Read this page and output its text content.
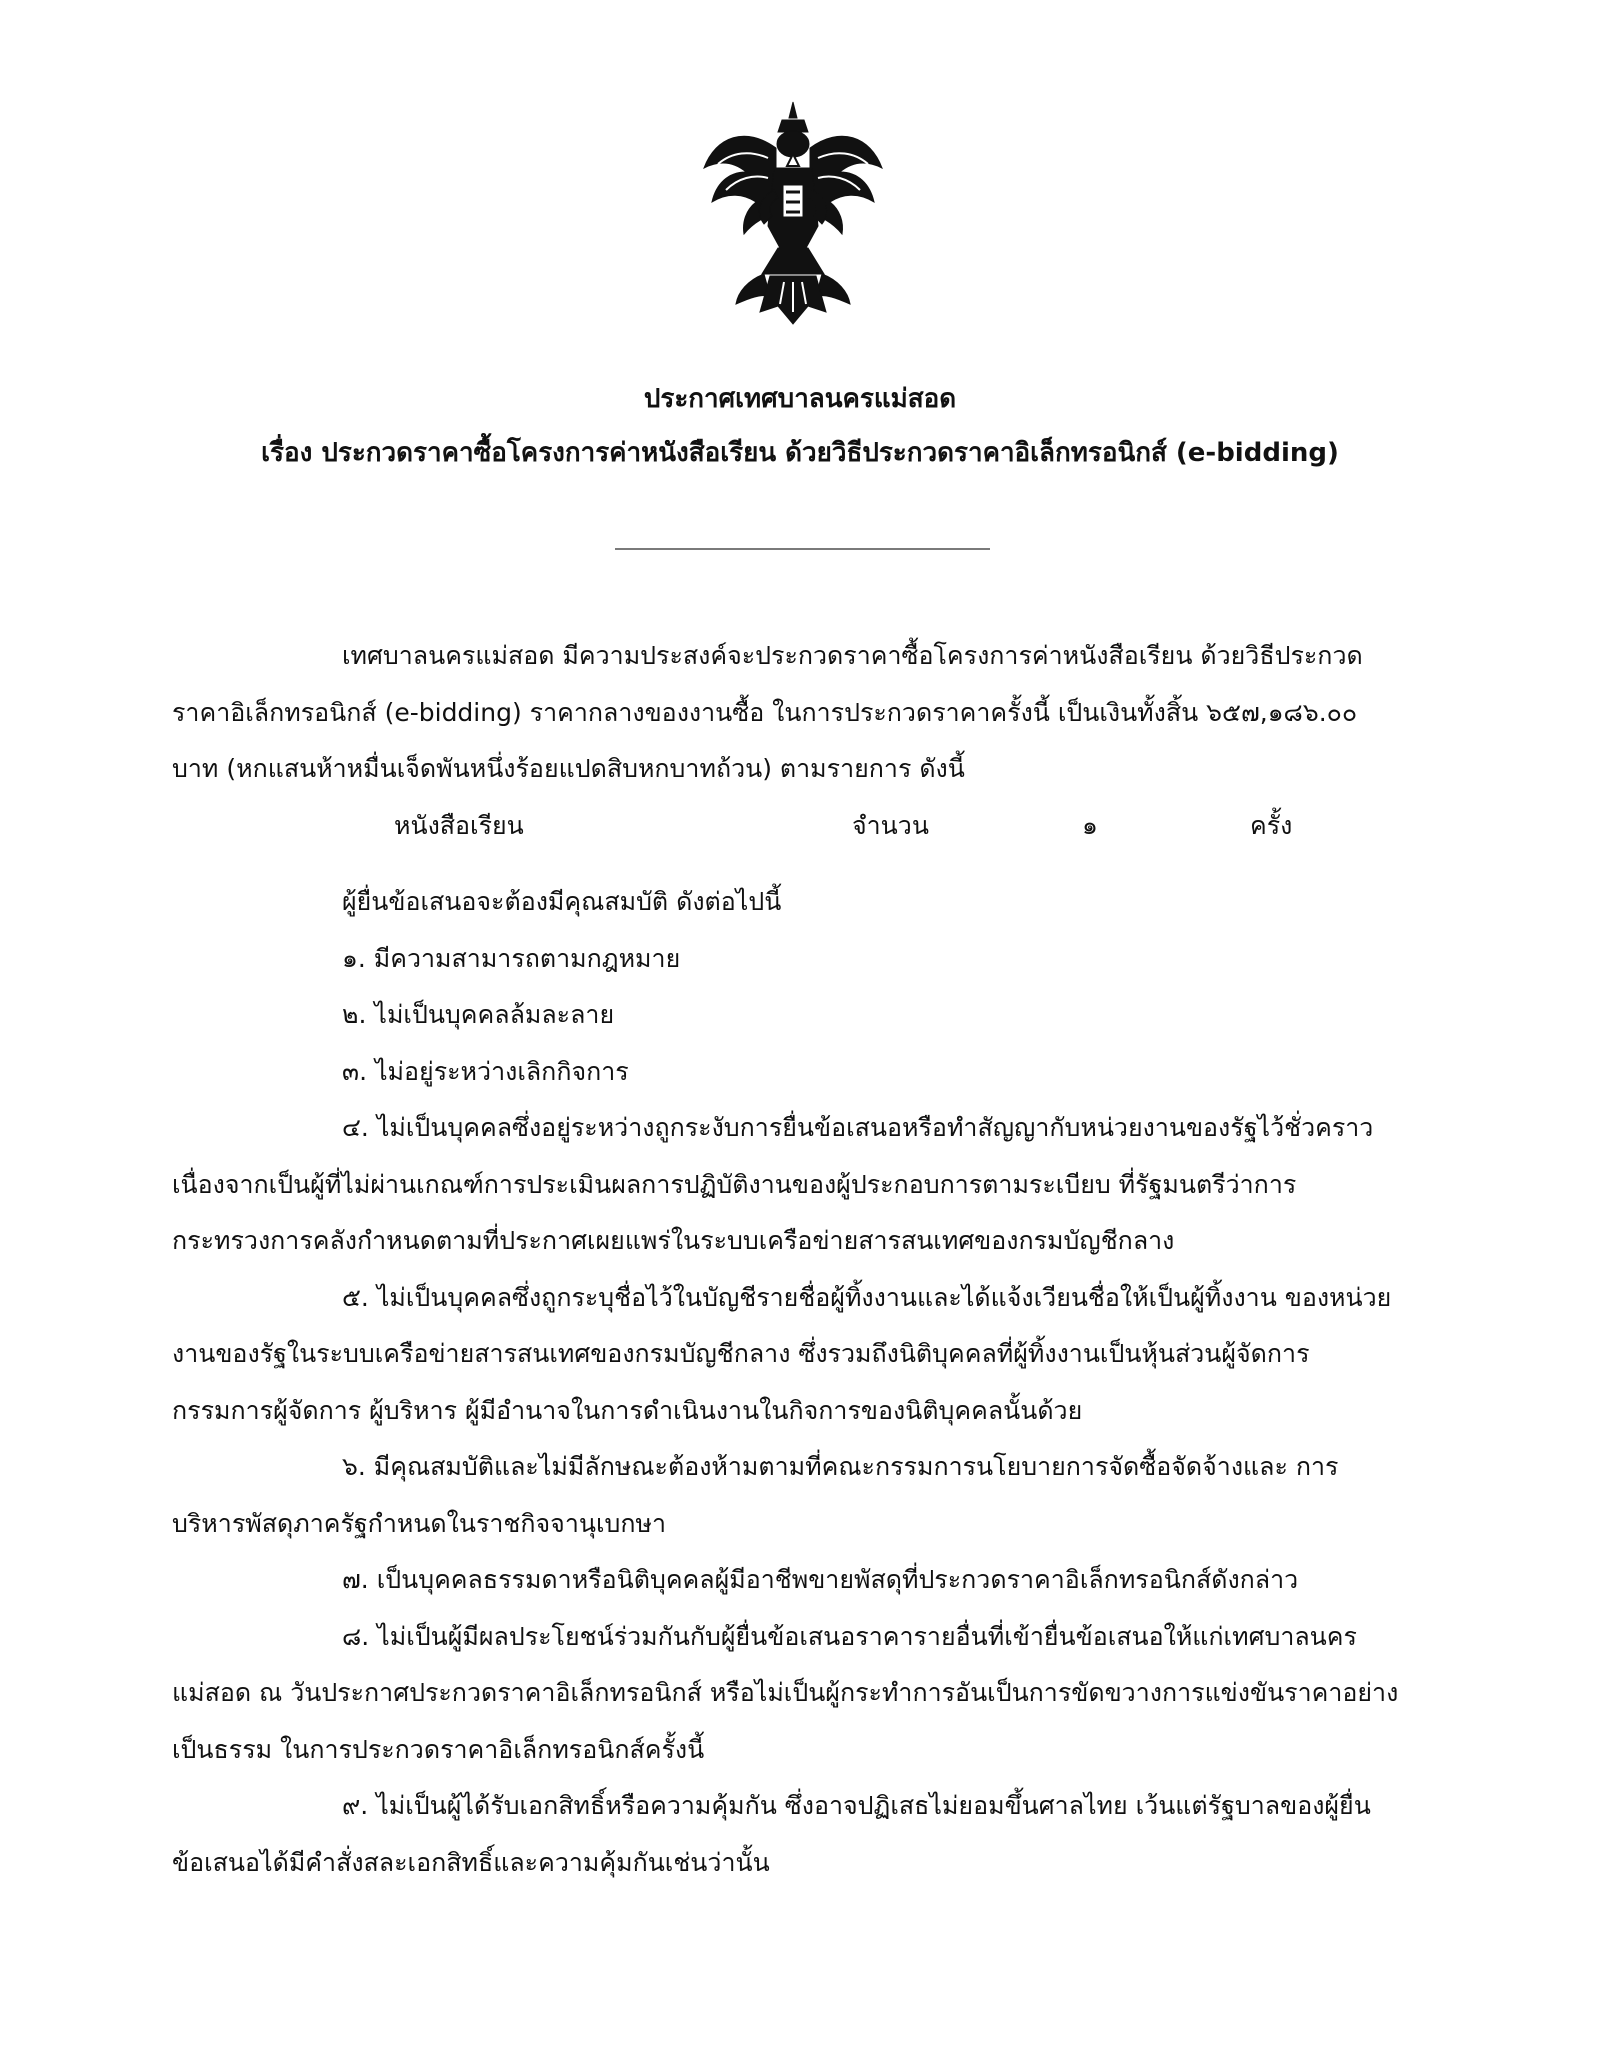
ประกาศเทศบาลนครแม่สอด
เรื่อง ประกวดราคาซื้อโครงการค่าหนังสือเรียน ด้วยวิธีประกวดราคาอิเล็กทรอนิกส์ (e-bidding)
เทศบาลนครแม่สอด มีความประสงค์จะประกวดราคาซื้อโครงการค่าหนังสือเรียน ด้วยวิธีประกวด
ราคาอิเล็กทรอนิกส์ (e-bidding) ราคากลางของงานซื้อ ในการประกวดราคาครั้งนี้ เป็นเงินทั้งสิ้น ๖๕๗,๑๘๖.๐๐
บาท (หกแสนห้าหมื่นเจ็ดพันหนึ่งร้อยแปดสิบหกบาทถ้วน) ตามรายการ ดังนี้
หนังสือเรียน	จำนวน	๑	ครั้ง
ผู้ยื่นข้อเสนอจะต้องมีคุณสมบัติ ดังต่อไปนี้
๑. มีความสามารถตามกฎหมาย
๒. ไม่เป็นบุคคลล้มละลาย
๓. ไม่อยู่ระหว่างเลิกกิจการ
๔. ไม่เป็นบุคคลซึ่งอยู่ระหว่างถูกระงับการยื่นข้อเสนอหรือทำสัญญากับหน่วยงานของรัฐไว้ชั่วคราว
เนื่องจากเป็นผู้ที่ไม่ผ่านเกณฑ์การประเมินผลการปฏิบัติงานของผู้ประกอบการตามระเบียบ ที่รัฐมนตรีว่าการ
กระทรวงการคลังกำหนดตามที่ประกาศเผยแพร่ในระบบเครือข่ายสารสนเทศของกรมบัญชีกลาง
๕. ไม่เป็นบุคคลซึ่งถูกระบุชื่อไว้ในบัญชีรายชื่อผู้ทิ้งงานและได้แจ้งเวียนชื่อให้เป็นผู้ทิ้งงาน ของหน่วย
งานของรัฐในระบบเครือข่ายสารสนเทศของกรมบัญชีกลาง ซึ่งรวมถึงนิติบุคคลที่ผู้ทิ้งงานเป็นหุ้นส่วนผู้จัดการ
กรรมการผู้จัดการ ผู้บริหาร ผู้มีอำนาจในการดำเนินงานในกิจการของนิติบุคคลนั้นด้วย
๖. มีคุณสมบัติและไม่มีลักษณะต้องห้ามตามที่คณะกรรมการนโยบายการจัดซื้อจัดจ้างและ การ
บริหารพัสดุภาครัฐกำหนดในราชกิจจานุเบกษา
๗. เป็นบุคคลธรรมดาหรือนิติบุคคลผู้มีอาชีพขายพัสดุที่ประกวดราคาอิเล็กทรอนิกส์ดังกล่าว
๘. ไม่เป็นผู้มีผลประโยชน์ร่วมกันกับผู้ยื่นข้อเสนอราคารายอื่นที่เข้ายื่นข้อเสนอให้แก่เทศบาลนคร
แม่สอด ณ วันประกาศประกวดราคาอิเล็กทรอนิกส์ หรือไม่เป็นผู้กระทำการอันเป็นการขัดขวางการแข่งขันราคาอย่าง
เป็นธรรม ในการประกวดราคาอิเล็กทรอนิกส์ครั้งนี้
๙. ไม่เป็นผู้ได้รับเอกสิทธิ์หรือความคุ้มกัน ซึ่งอาจปฏิเสธไม่ยอมขึ้นศาลไทย เว้นแต่รัฐบาลของผู้ยื่น
ข้อเสนอได้มีคำสั่งสละเอกสิทธิ์และความคุ้มกันเช่นว่านั้น
